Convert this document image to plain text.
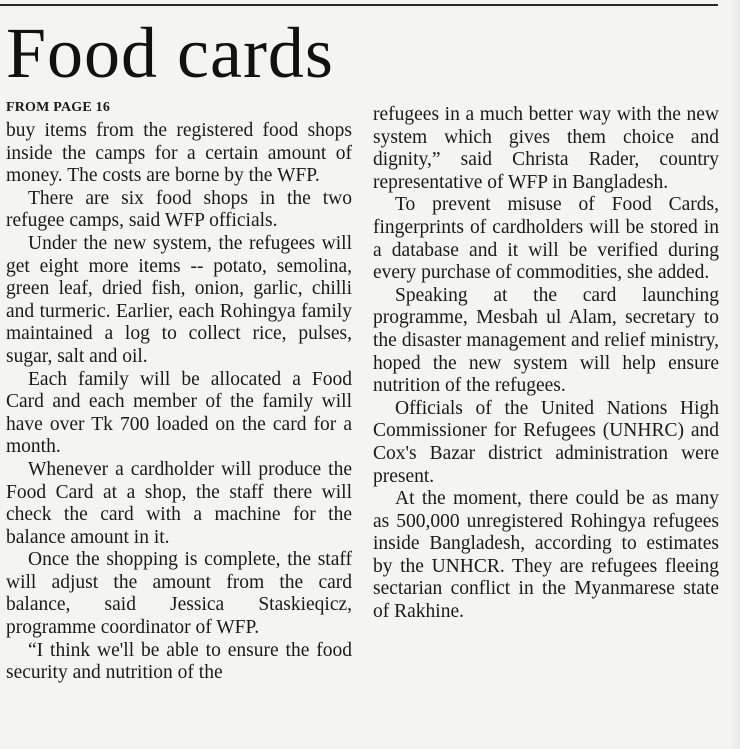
Food cards
FROM PAGE 16

buy items from the registered food shops inside the camps for a certain amount of money. The costs are borne by the WFP.

There are six food shops in the two refugee camps, said WFP officials.

Under the new system, the refugees will get eight more items -- potato, semolina, green leaf, dried fish, onion, garlic, chilli and turmeric. Earlier, each Rohingya family maintained a log to collect rice, pulses, sugar, salt and oil.

Each family will be allocated a Food Card and each member of the family will have over Tk 700 loaded on the card for a month.

Whenever a cardholder will produce the Food Card at a shop, the staff there will check the card with a machine for the balance amount in it.

Once the shopping is complete, the staff will adjust the amount from the card balance, said Jessica Staskieqicz, programme coordinator of WFP.

“I think we'll be able to ensure the food security and nutrition of the

refugees in a much better way with the new system which gives them choice and dignity,” said Christa Rader, country representative of WFP in Bangladesh.

To prevent misuse of Food Cards, fingerprints of cardholders will be stored in a database and it will be verified during every purchase of commodities, she added.

Speaking at the card launching programme, Mesbah ul Alam, secretary to the disaster management and relief ministry, hoped the new system will help ensure nutrition of the refugees.

Officials of the United Nations High Commissioner for Refugees (UNHRC) and Cox's Bazar district administration were present.

At the moment, there could be as many as 500,000 unregistered Rohingya refugees inside Bangladesh, according to estimates by the UNHCR. They are refugees fleeing sectarian conflict in the Myanmarese state of Rakhine.
